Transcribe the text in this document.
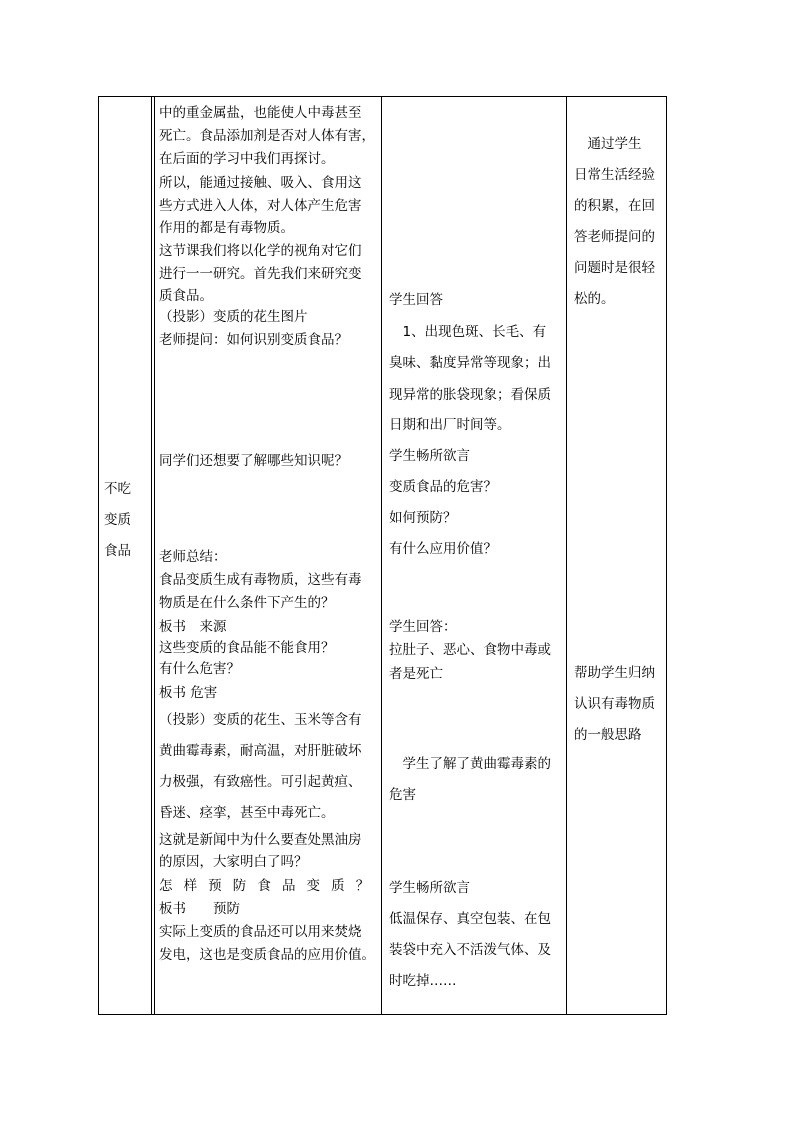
不吃
变质
食品
中的重金属盐，也能使人中毒甚至
死亡。食品添加剂是否对人体有害，
在后面的学习中我们再探讨。
所以，能通过接触、吸入、食用这
些方式进入人体，对人体产生危害
作用的都是有毒物质。
这节课我们将以化学的视角对它们
进行一一研究。首先我们来研究变
质食品。
（投影）变质的花生图片
老师提问：如何识别变质食品？
同学们还想要了解哪些知识呢？
老师总结：
食品变质生成有毒物质，这些有毒
物质是在什么条件下产生的？
板书　来源
这些变质的食品能不能食用？
有什么危害？
板书 危害
（投影）变质的花生、玉米等含有
黄曲霉毒素，耐高温，对肝脏破坏
力极强，有致癌性。可引起黄疸、
昏迷、痉挛，甚至中毒死亡。
这就是新闻中为什么要查处黑油房
的原因，大家明白了吗？
怎 样 预 防 食 品 变 质 ？
板书　　预防
实际上变质的食品还可以用来焚烧
发电，这也是变质食品的应用价值。
学生回答
　1、出现色斑、长毛、有
臭味、黏度异常等现象；出
现异常的胀袋现象；看保质
日期和出厂时间等。
学生畅所欲言
变质食品的危害？
如何预防？
有什么应用价值？
学生回答：
拉肚子、恶心、食物中毒或
者是死亡
　学生了解了黄曲霉毒素的
危害
学生畅所欲言
低温保存、真空包装、在包
装袋中充入不活泼气体、及
时吃掉……
　通过学生
日常生活经验
的积累，在回
答老师提问的
问题时是很轻
松的。
帮助学生归纳
认识有毒物质
的一般思路
